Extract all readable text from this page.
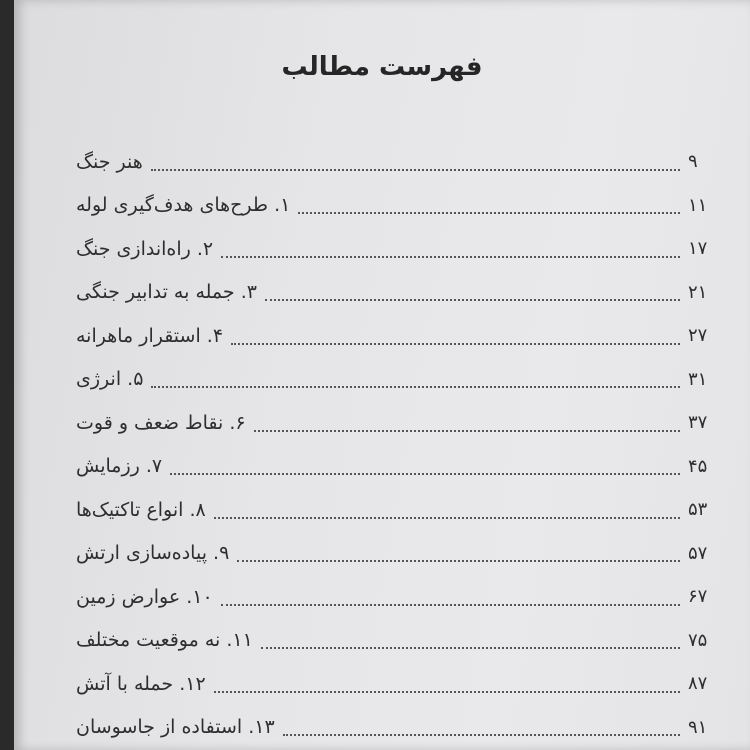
فهرست مطالب
هنر جنگ	۹
۱. طرح‌های هدف‌گیری لوله	۱۱
۲. راه‌اندازی جنگ	۱۷
۳. جمله به تدابیر جنگی	۲۱
۴. استقرار ماهرانه	۲۷
۵. انرژی	۳۱
۶. نقاط ضعف و قوت	۳۷
۷. رزمایش	۴۵
۸. انواع تاکتیک‌ها	۵۳
۹. پیاده‌سازی ارتش	۵۷
۱۰. عوارض زمین	۶۷
۱۱. نه موقعیت مختلف	۷۵
۱۲. حمله با آتش	۸۷
۱۳. استفاده از جاسوسان	۹۱
